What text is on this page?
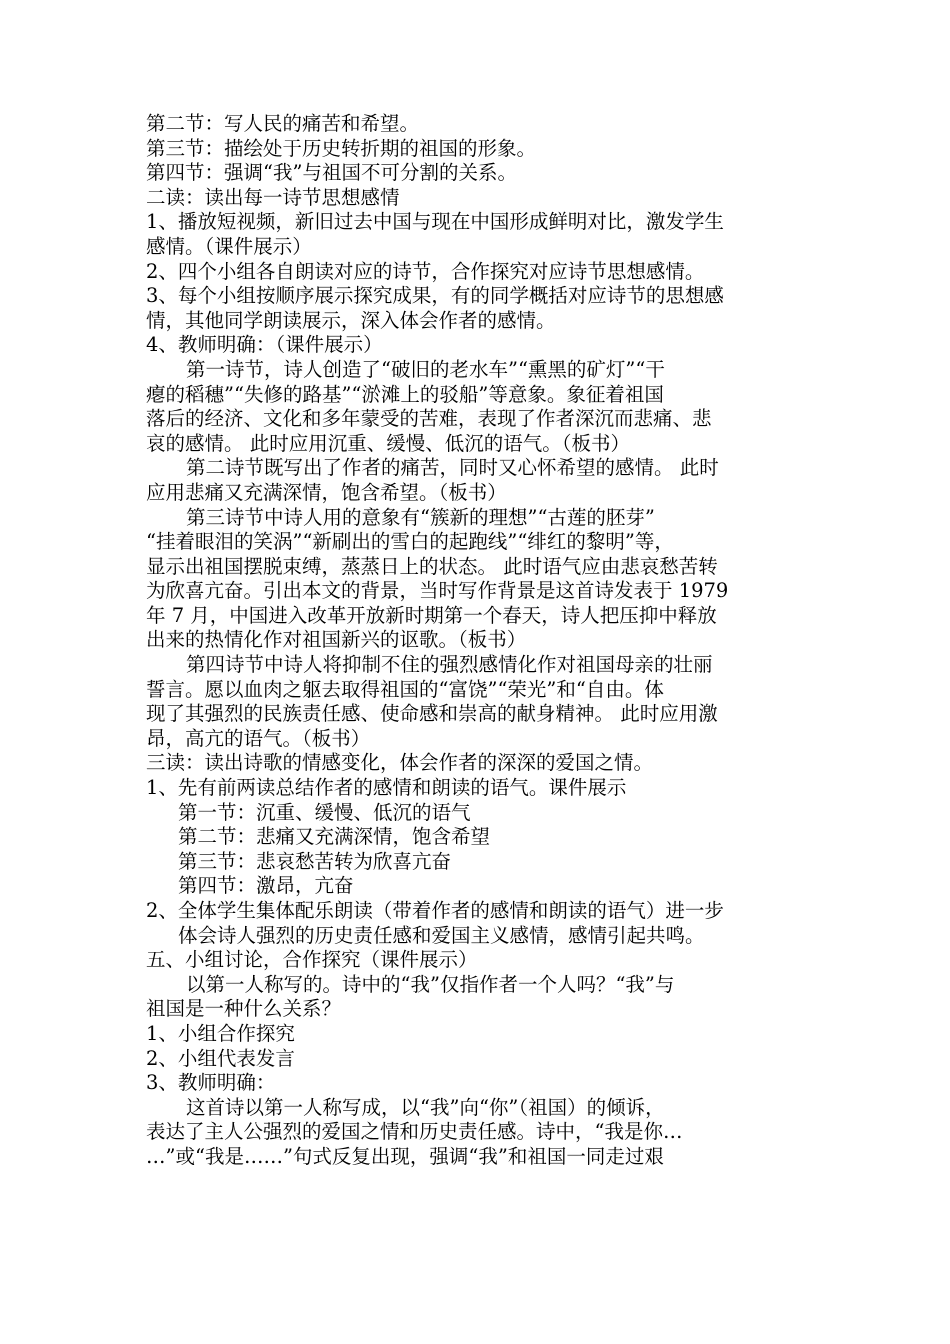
第二节：写人民的痛苦和希望。
第三节：描绘处于历史转折期的祖国的形象。
第四节：强调“我”与祖国不可分割的关系。
二读：读出每一诗节思想感情
1、播放短视频，新旧过去中国与现在中国形成鲜明对比，激发学生
感情。（课件展示）
2、四个小组各自朗读对应的诗节，合作探究对应诗节思想感情。
3、每个小组按顺序展示探究成果，有的同学概括对应诗节的思想感
情，其他同学朗读展示，深入体会作者的感情。
4、教师明确：（课件展示）
第一诗节，诗人创造了“破旧的老水车”“熏黑的矿灯”“干
瘪的稻穗”“失修的路基”“淤滩上的驳船”等意象。象征着祖国
落后的经济、文化和多年蒙受的苦难，表现了作者深沉而悲痛、悲
哀的感情。 此时应用沉重、缓慢、低沉的语气。（板书）
第二诗节既写出了作者的痛苦，同时又心怀希望的感情。 此时
应用悲痛又充满深情，饱含希望。（板书）
第三诗节中诗人用的意象有“簇新的理想”“古莲的胚芽”
“挂着眼泪的笑涡”“新刷出的雪白的起跑线”“绯红的黎明”等，
显示出祖国摆脱束缚，蒸蒸日上的状态。 此时语气应由悲哀愁苦转
为欣喜亢奋。引出本文的背景，当时写作背景是这首诗发表于 1979
年 7 月，中国进入改革开放新时期第一个春天，诗人把压抑中释放
出来的热情化作对祖国新兴的讴歌。（板书）
第四诗节中诗人将抑制不住的强烈感情化作对祖国母亲的壮丽
誓言。愿以血肉之躯去取得祖国的“富饶”“荣光”和“自由。体
现了其强烈的民族责任感、使命感和崇高的献身精神。 此时应用激
昂，高亢的语气。（板书）
三读：读出诗歌的情感变化，体会作者的深深的爱国之情。
1、先有前两读总结作者的感情和朗读的语气。课件展示
第一节：沉重、缓慢、低沉的语气
第二节：悲痛又充满深情，饱含希望
第三节：悲哀愁苦转为欣喜亢奋
第四节：激昂，亢奋
2、全体学生集体配乐朗读（带着作者的感情和朗读的语气）进一步
体会诗人强烈的历史责任感和爱国主义感情，感情引起共鸣。
五、小组讨论，合作探究（课件展示）
以第一人称写的。诗中的“我”仅指作者一个人吗？“我”与
祖国是一种什么关系？
1、小组合作探究
2、小组代表发言
3、教师明确：
这首诗以第一人称写成，以“我”向“你”（祖国）的倾诉，
表达了主人公强烈的爱国之情和历史责任感。诗中，“我是你…
…”或“我是……”句式反复出现，强调“我”和祖国一同走过艰
